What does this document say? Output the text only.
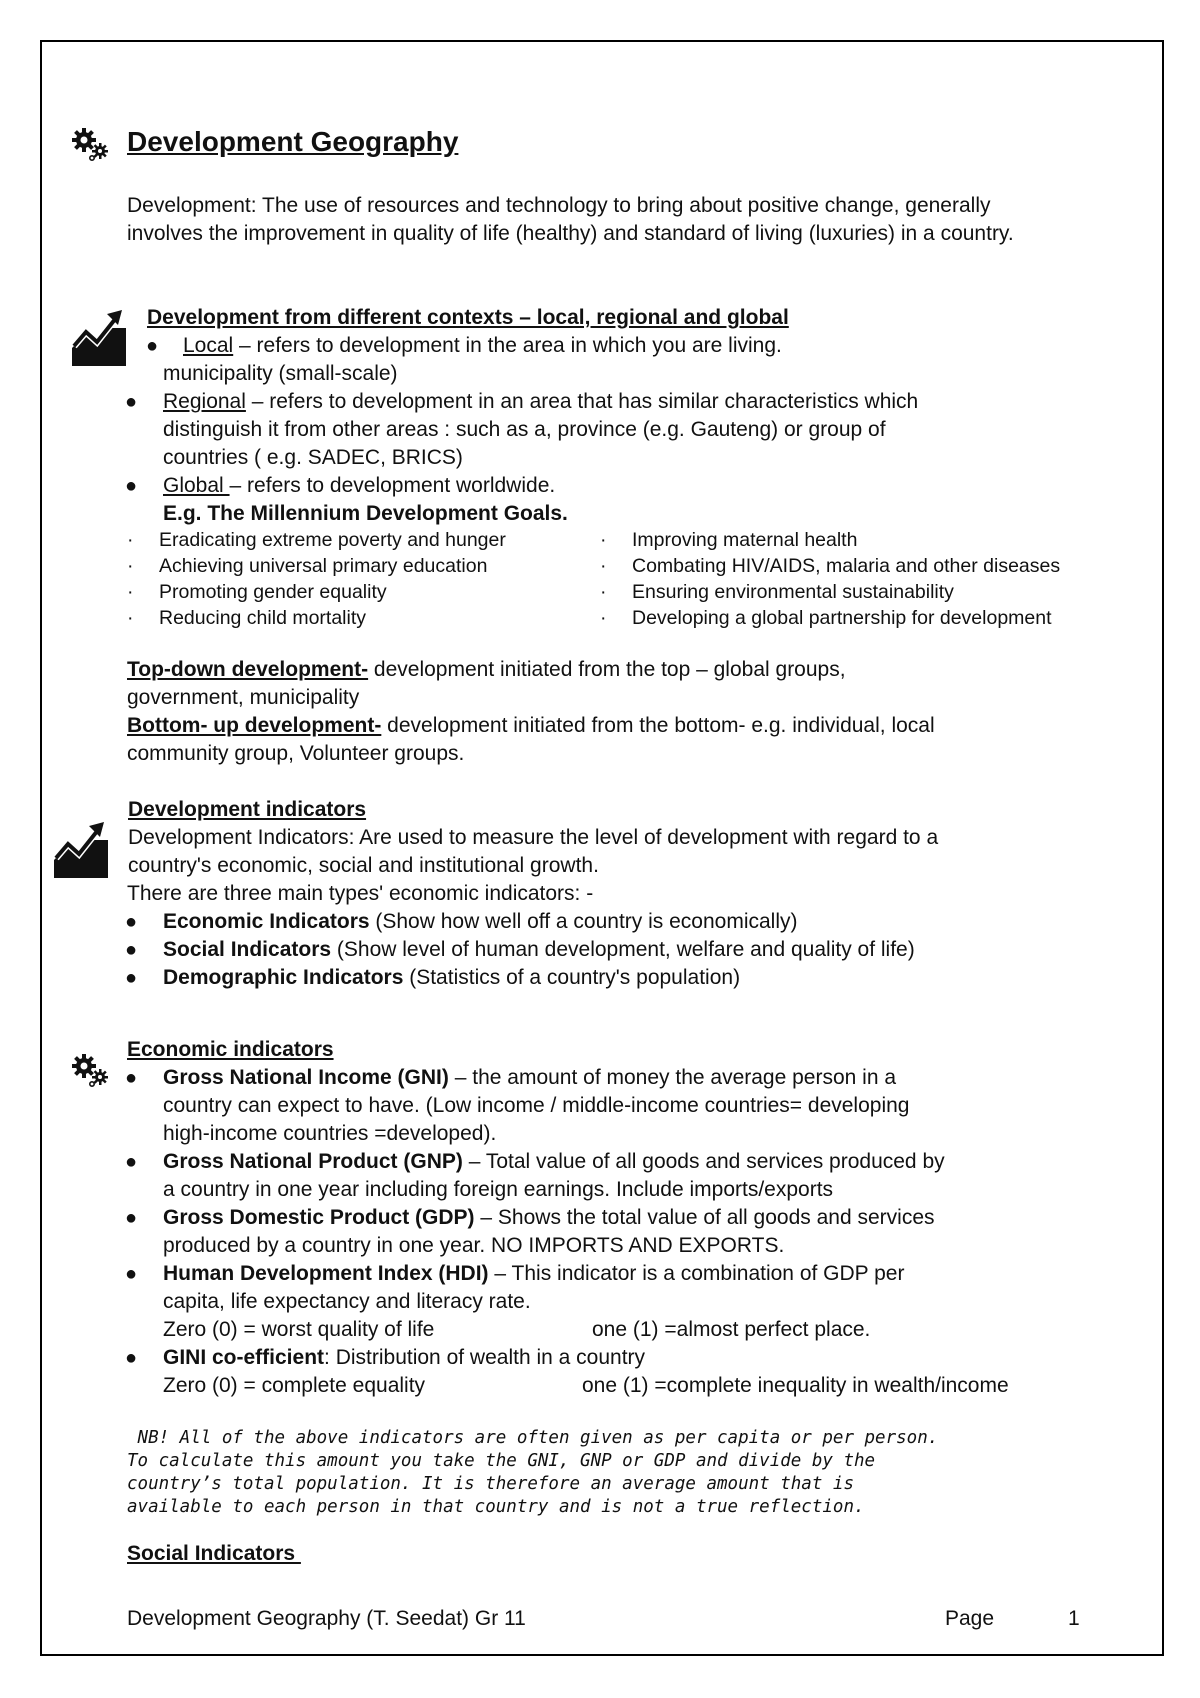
Development Geography
Development: The use of resources and technology to bring about positive change, generally involves the improvement in quality of life (healthy) and standard of living (luxuries) in a country.
Development from different contexts – local, regional and global
● Local – refers to development in the area in which you are living.
municipality (small-scale)
● Regional – refers to development in an area that has similar characteristics which
distinguish it from other areas : such as a, province (e.g. Gauteng) or group of
countries ( e.g. SADEC, BRICS)
● Global – refers to development worldwide.
E.g. The Millennium Development Goals.
· Eradicating extreme poverty and hunger
· Achieving universal primary education
· Promoting gender equality
· Reducing child mortality
· Improving maternal health
· Combating HIV/AIDS, malaria and other diseases
· Ensuring environmental sustainability
· Developing a global partnership for development
Top-down development- development initiated from the top – global groups,
government, municipality
Bottom- up development- development initiated from the bottom- e.g. individual, local
community group, Volunteer groups.
Development indicators
Development Indicators: Are used to measure the level of development with regard to a
country's economic, social and institutional growth.
There are three main types' economic indicators: -
● Economic Indicators (Show how well off a country is economically)
● Social Indicators (Show level of human development, welfare and quality of life)
● Demographic Indicators (Statistics of a country's population)
Economic indicators
● Gross National Income (GNI) – the amount of money the average person in a
country can expect to have. (Low income / middle-income countries= developing
high-income countries =developed).
● Gross National Product (GNP) – Total value of all goods and services produced by
a country in one year including foreign earnings. Include imports/exports
● Gross Domestic Product (GDP) – Shows the total value of all goods and services
produced by a country in one year. NO IMPORTS AND EXPORTS.
● Human Development Index (HDI) – This indicator is a combination of GDP per
capita, life expectancy and literacy rate.
Zero (0) = worst quality of life	one (1) =almost perfect place.
● GINI co-efficient: Distribution of wealth in a country
Zero (0) = complete equality	one (1) =complete inequality in wealth/income
NB! All of the above indicators are often given as per capita or per person.
To calculate this amount you take the GNI, GNP or GDP and divide by the
country’s total population. It is therefore an average amount that is
available to each person in that country and is not a true reflection.
Social Indicators
Development Geography (T. Seedat) Gr 11	Page	1
